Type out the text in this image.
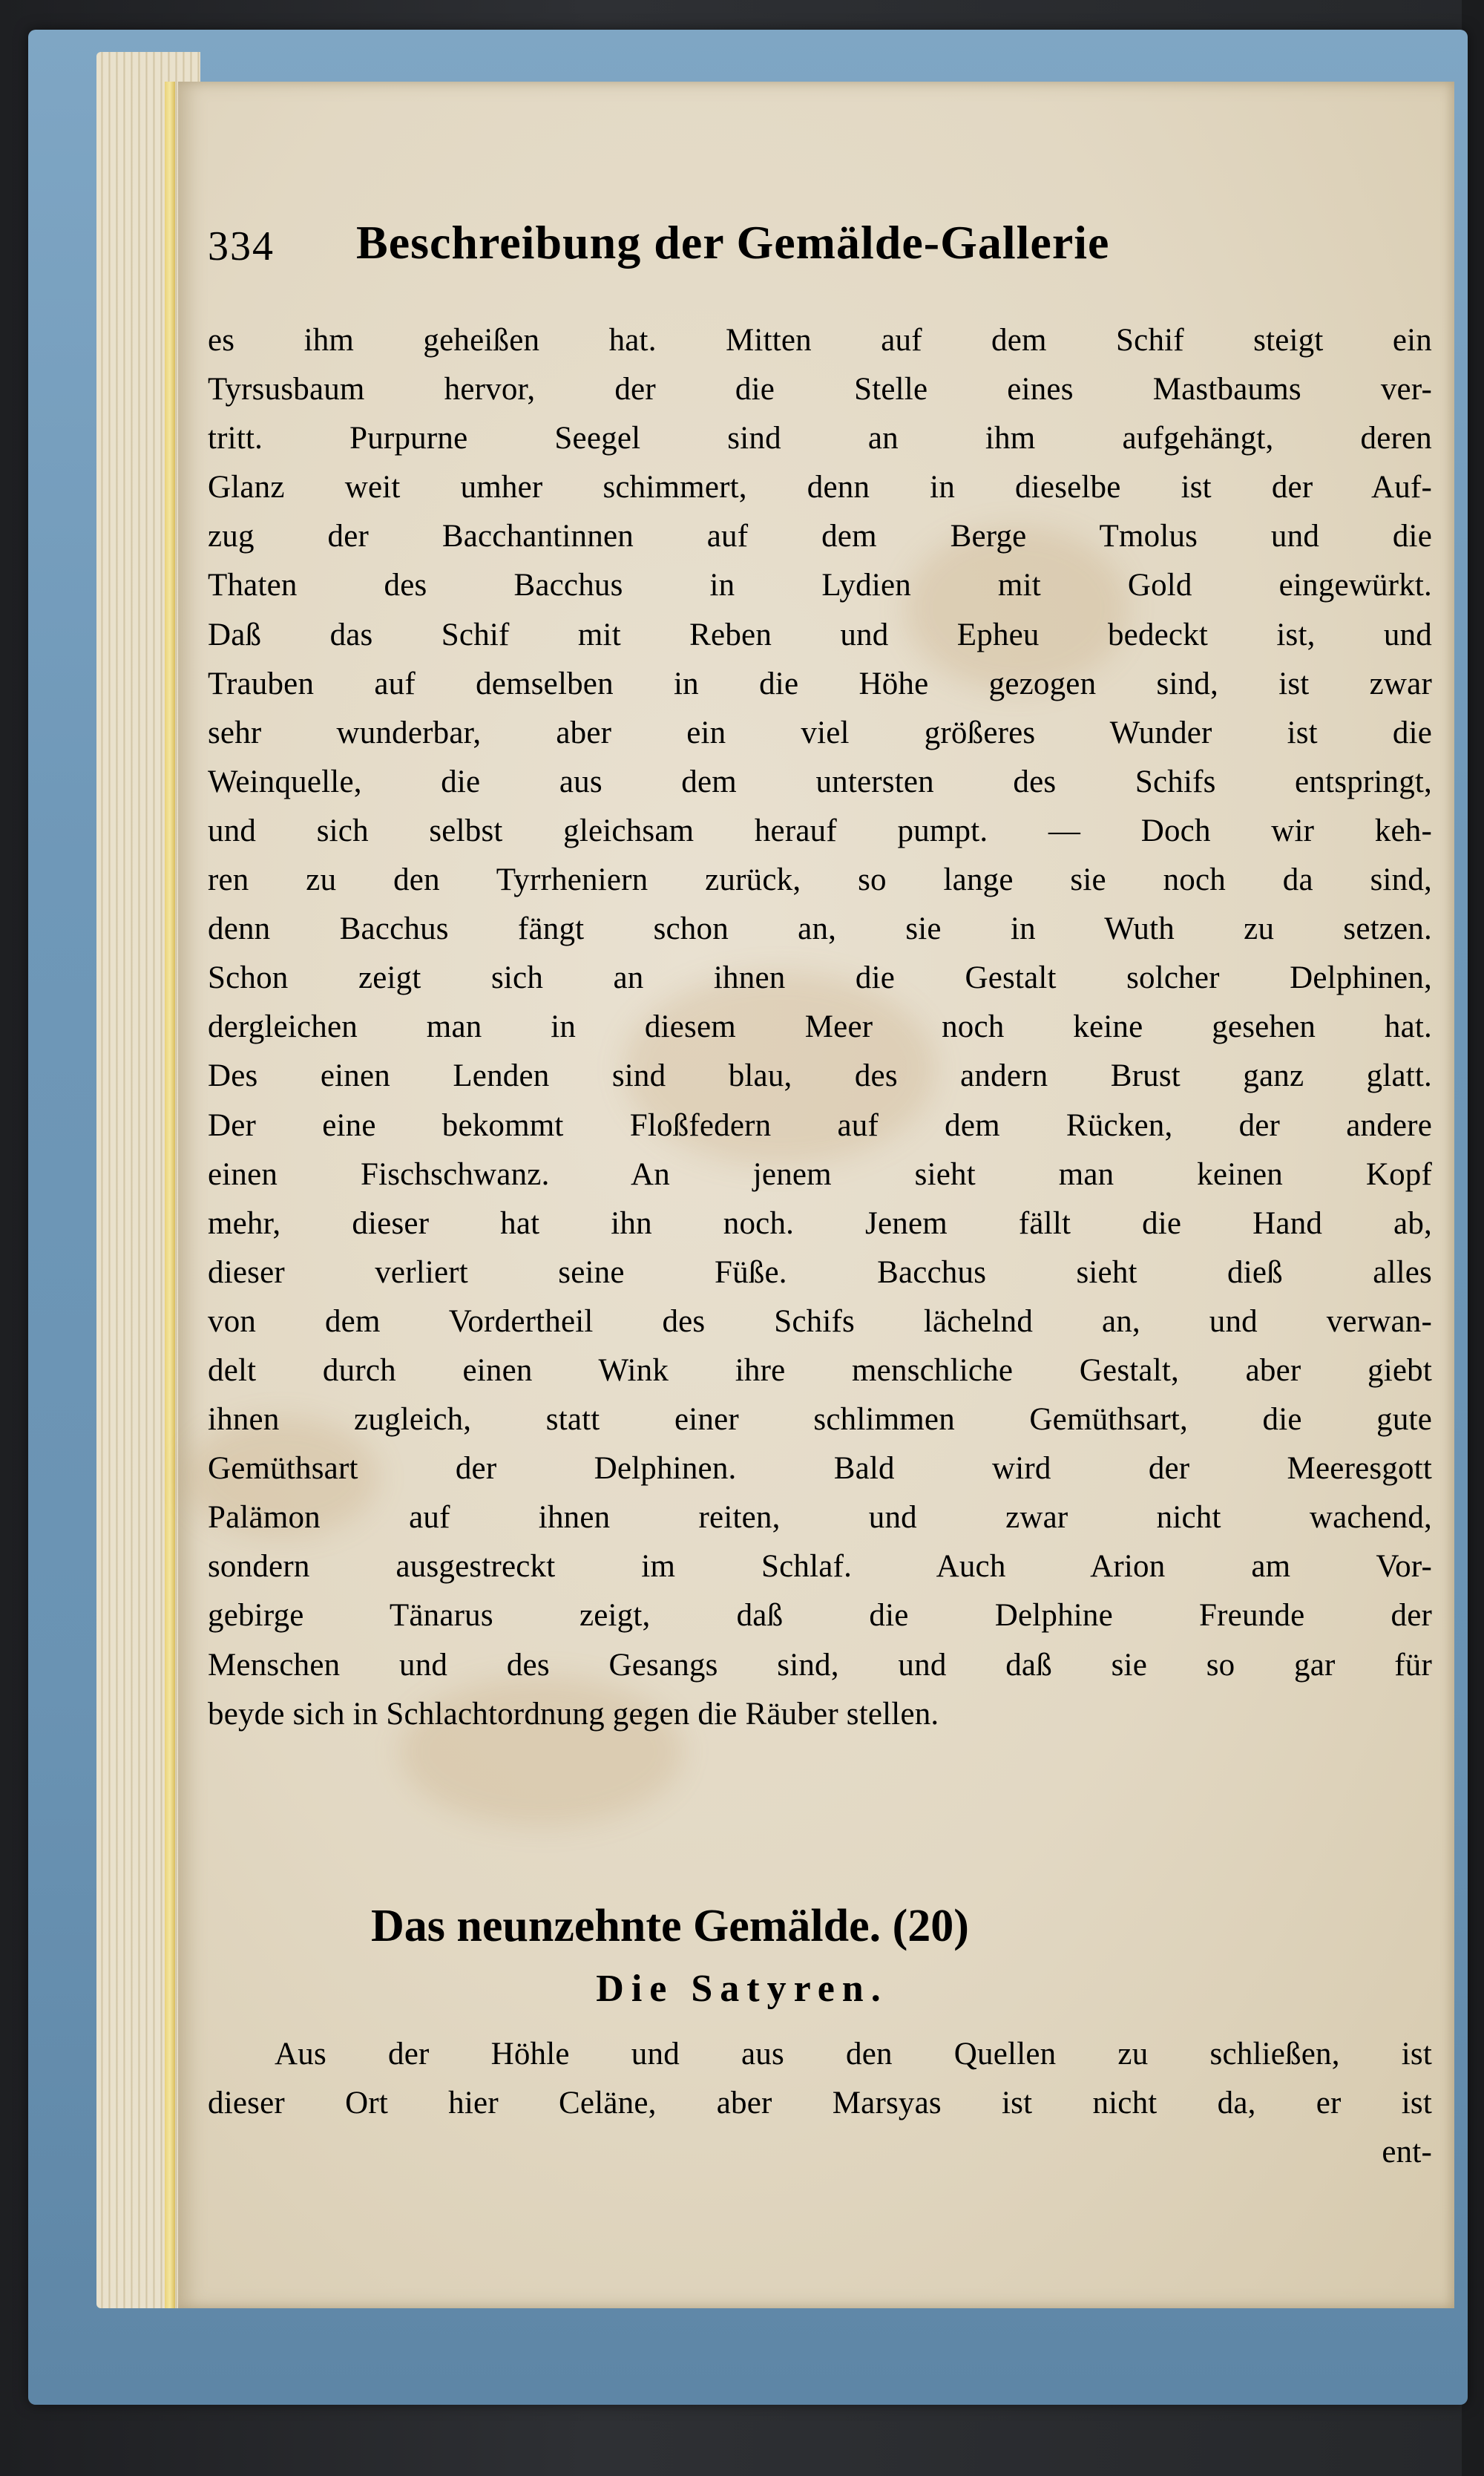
334 Beschreibung der Gemälde-Gallerie
es ihm geheißen hat. Mitten auf dem Schif steigt ein
Tyrsusbaum hervor, der die Stelle eines Mastbaums ver-
tritt. Purpurne Seegel sind an ihm aufgehängt, deren
Glanz weit umher schimmert, denn in dieselbe ist der Auf-
zug der Bacchantinnen auf dem Berge Tmolus und die
Thaten des Bacchus in Lydien mit Gold eingewürkt.
Daß das Schif mit Reben und Epheu bedeckt ist, und
Trauben auf demselben in die Höhe gezogen sind, ist zwar
sehr wunderbar, aber ein viel größeres Wunder ist die
Weinquelle, die aus dem untersten des Schifs entspringt,
und sich selbst gleichsam herauf pumpt. — Doch wir keh-
ren zu den Tyrrheniern zurück, so lange sie noch da sind,
denn Bacchus fängt schon an, sie in Wuth zu setzen.
Schon zeigt sich an ihnen die Gestalt solcher Delphinen,
dergleichen man in diesem Meer noch keine gesehen hat.
Des einen Lenden sind blau, des andern Brust ganz glatt.
Der eine bekommt Floßfedern auf dem Rücken, der andere
einen Fischschwanz. An jenem sieht man keinen Kopf
mehr, dieser hat ihn noch. Jenem fällt die Hand ab,
dieser verliert seine Füße. Bacchus sieht dieß alles
von dem Vordertheil des Schifs lächelnd an, und verwan-
delt durch einen Wink ihre menschliche Gestalt, aber giebt
ihnen zugleich, statt einer schlimmen Gemüthsart, die gute
Gemüthsart der Delphinen. Bald wird der Meeresgott
Palämon auf ihnen reiten, und zwar nicht wachend,
sondern ausgestreckt im Schlaf. Auch Arion am Vor-
gebirge Tänarus zeigt, daß die Delphine Freunde der
Menschen und des Gesangs sind, und daß sie so gar für
beyde sich in Schlachtordnung gegen die Räuber stellen.
Das neunzehnte Gemälde. (20)
Die Satyren.
Aus der Höhle und aus den Quellen zu schließen, ist
dieser Ort hier Celäne, aber Marsyas ist nicht da, er ist
ent-
